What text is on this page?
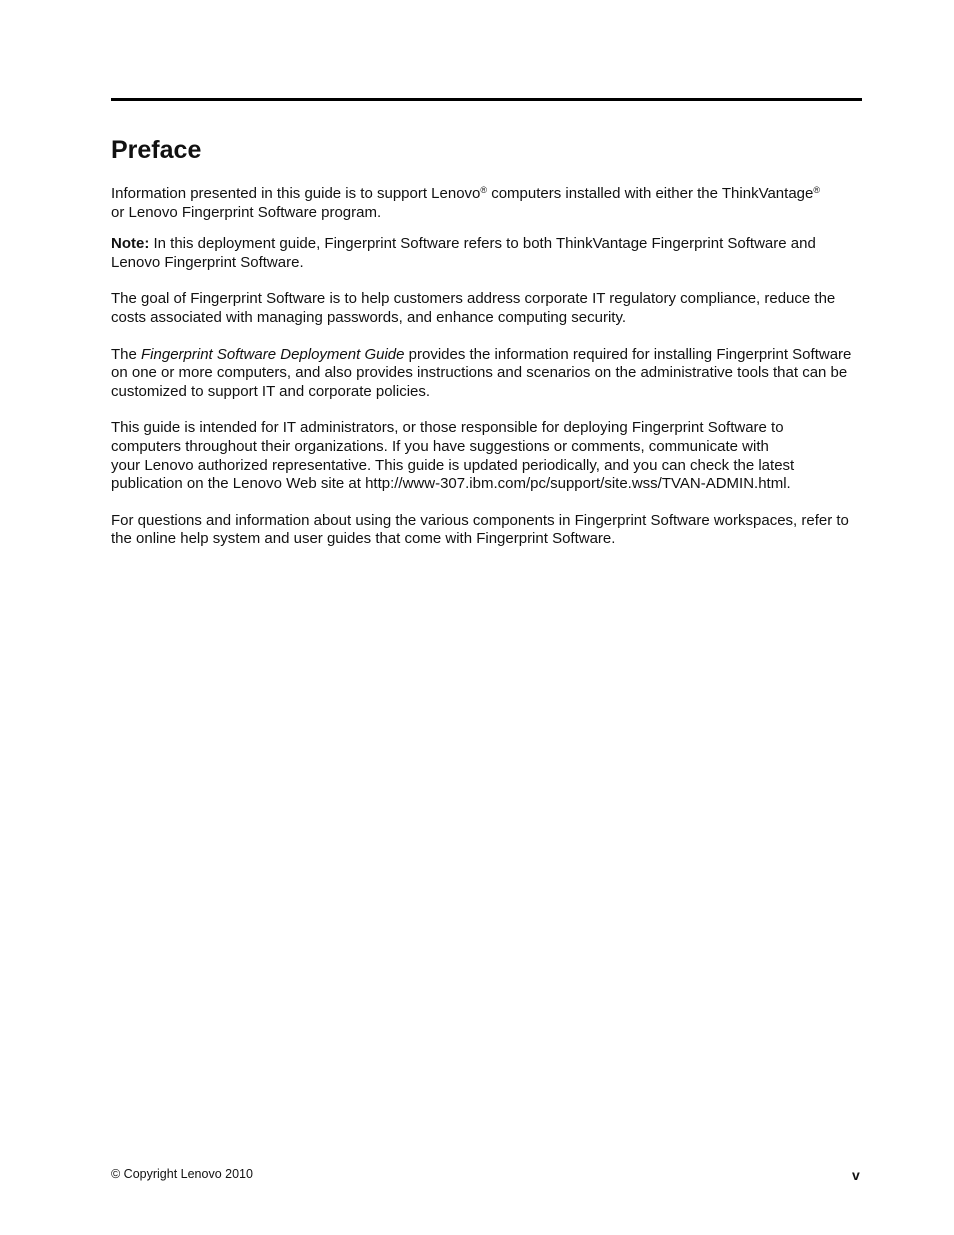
Preface

Information presented in this guide is to support Lenovo® computers installed with either the ThinkVantage®
or Lenovo Fingerprint Software program.

Note: In this deployment guide, Fingerprint Software refers to both ThinkVantage Fingerprint Software and Lenovo Fingerprint Software.

The goal of Fingerprint Software is to help customers address corporate IT regulatory compliance, reduce the costs associated with managing passwords, and enhance computing security.

The Fingerprint Software Deployment Guide provides the information required for installing Fingerprint Software on one or more computers, and also provides instructions and scenarios on the administrative tools that can be customized to support IT and corporate policies.

This guide is intended for IT administrators, or those responsible for deploying Fingerprint Software to
computers throughout their organizations. If you have suggestions or comments, communicate with
your Lenovo authorized representative. This guide is updated periodically, and you can check the latest
publication on the Lenovo Web site at http://www-307.ibm.com/pc/support/site.wss/TVAN-ADMIN.html.

For questions and information about using the various components in Fingerprint Software workspaces, refer to the online help system and user guides that come with Fingerprint Software.

© Copyright Lenovo 2010	v
